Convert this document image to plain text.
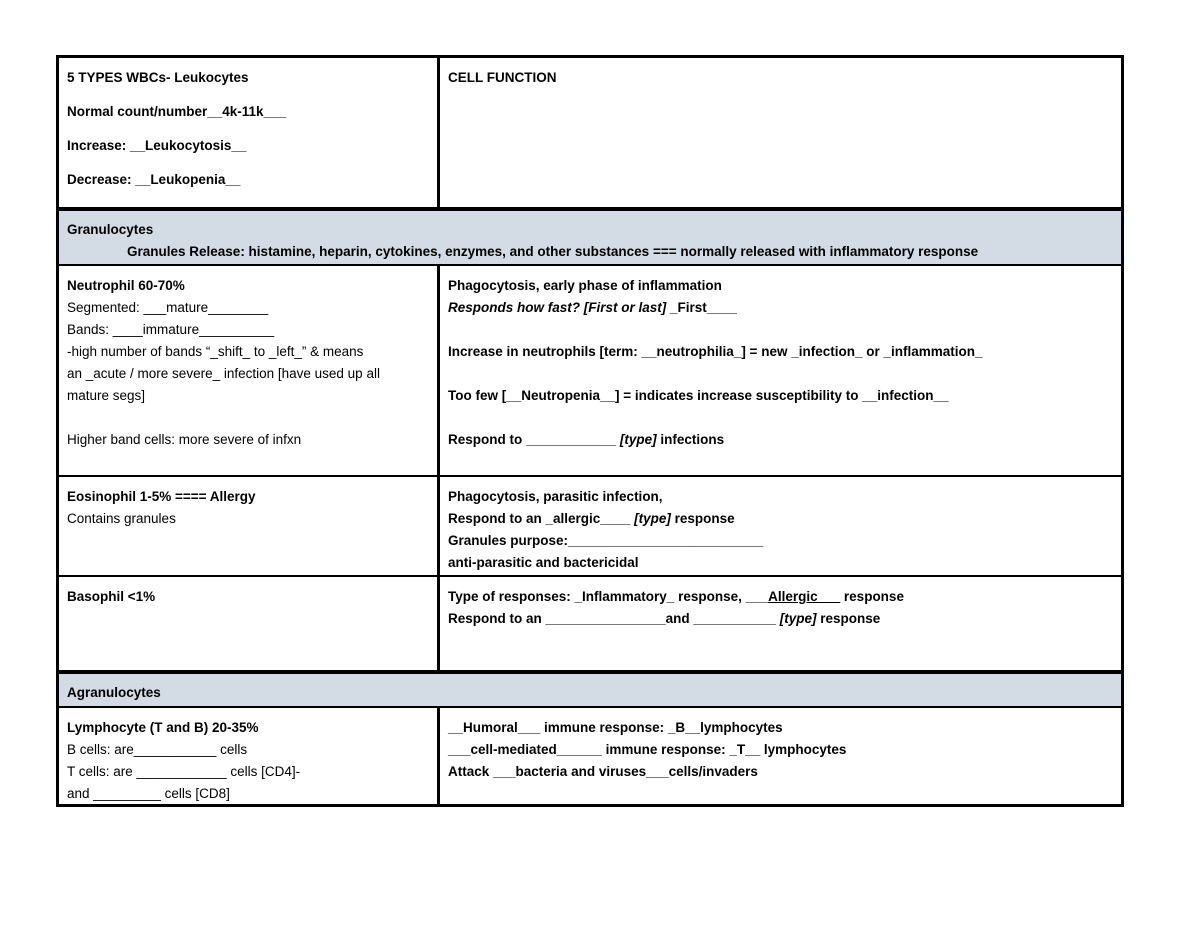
5 TYPES WBCs- Leukocytes
Normal count/number__4k-11k___
Increase: __Leukocytosis__
Decrease: __Leukopenia__
CELL FUNCTION
Granulocytes
Granules Release: histamine, heparin, cytokines, enzymes, and other substances === normally released with inflammatory response
Neutrophil 60-70%
Segmented: ___mature________
Bands: ____immature__________
-high number of bands “_shift_ to _left_” & means
an _acute / more severe_ infection [have used up all
mature segs]
Higher band cells: more severe of infxn
Phagocytosis, early phase of inflammation
Responds how fast? [First or last] _First____
Increase in neutrophils [term: __neutrophilia_] = new _infection_ or _inflammation_
Too few [__Neutropenia__] = indicates increase susceptibility to __infection__
Respond to ____________ [type] infections
Eosinophil 1-5% ==== Allergy
Contains granules
Phagocytosis, parasitic infection,
Respond to an _allergic____ [type] response
Granules purpose:__________________________
anti-parasitic and bactericidal
Basophil <1%	Type of responses: _Inflammatory_ response, ___Allergic___ response
Respond to an ________________and ___________ [type] response
Agranulocytes
Lymphocyte (T and B) 20-35%
B cells: are___________ cells
T cells: are ____________ cells [CD4]-
and _________ cells [CD8]
__Humoral___ immune response: _B__lymphocytes
___cell-mediated______ immune response: _T__ lymphocytes
Attack ___bacteria and viruses___cells/invaders
